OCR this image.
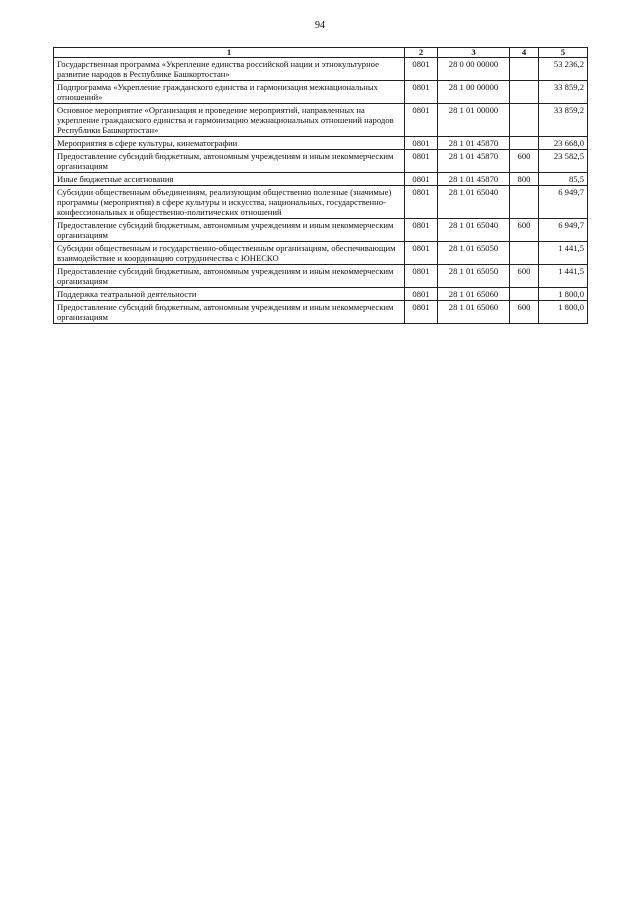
94
1	2	3	4	5
Государственная программа «Укрепление единства российской нации и этнокультурное развитие народов в Республике Башкортостан»	0801	28 0 00 00000		53 236,2
Подпрограмма «Укрепление гражданского единства и гармонизация межнациональных отношений»	0801	28 1 00 00000		33 859,2
Основное мероприятие «Организация и проведение мероприятий, направленных на укрепление гражданского единства и гармонизацию межнациональных отношений народов Республики Башкортостан»	0801	28 1 01 00000		33 859,2
Мероприятия в сфере культуры, кинематографии	0801	28 1 01 45870		23 668,0
Предоставление субсидий бюджетным, автономным учреждениям и иным некоммерческим организациям	0801	28 1 01 45870	600	23 582,5
Иные бюджетные ассигнования	0801	28 1 01 45870	800	85,5
Субсидии общественным объединениям, реализующим общественно полезные (значимые) программы (мероприятия) в сфере культуры и искусства, национальных, государственно-конфессиональных и общественно-политических отношений	0801	28 1 01 65040		6 949,7
Предоставление субсидий бюджетным, автономным учреждениям и иным некоммерческим организациям	0801	28 1 01 65040	600	6 949,7
Субсидии общественным и государственно-общественным организациям, обеспечивающим взаимодействие и координацию сотрудничества с ЮНЕСКО	0801	28 1 01 65050		1 441,5
Предоставление субсидий бюджетным, автономным учреждениям и иным некоммерческим организациям	0801	28 1 01 65050	600	1 441,5
Поддержка театральной деятельности	0801	28 1 01 65060		1 800,0
Предоставление субсидий бюджетным, автономным учреждениям и иным некоммерческим организациям	0801	28 1 01 65060	600	1 800,0
